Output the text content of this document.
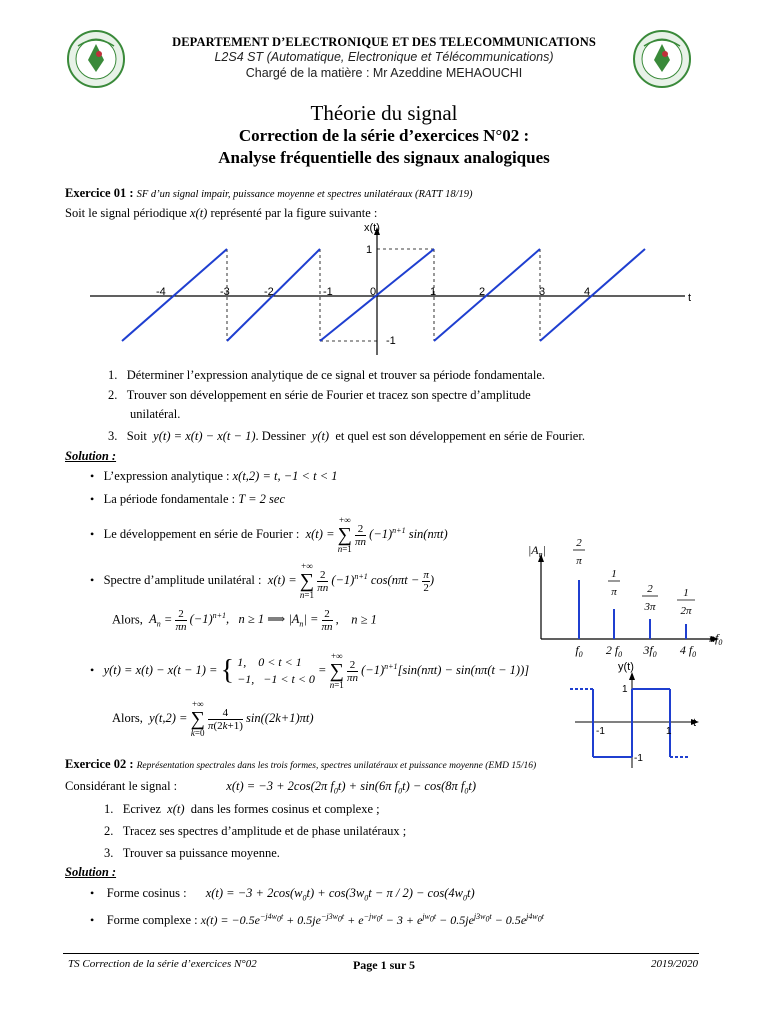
DEPARTEMENT D’ELECTRONIQUE ET DES TELECOMMUNICATIONS
L2S4 ST (Automatique, Electronique et Télécommunications)
Chargé de la matière : Mr Azeddine MEHAOUCHI
Théorie du signal
Correction de la série d’exercices N°02 :
Analyse fréquentielle des signaux analogiques
Exercice 01 : SF d’un signal impair, puissance moyenne et spectres unilatéraux (RATT 18/19)
Soit le signal périodique x(t) représenté par la figure suivante :
x(t)
t
-4	-3	-2	-1	0	1	2	3	4
1
-1
1.   Déterminer l’expression analytique de ce signal et trouver sa période fondamentale.
2.   Trouver son développement en série de Fourier et tracez son spectre d’amplitude
unilatéral.
3.   Soit y(t) = x(t) − x(t − 1). Dessiner y(t) et quel est son développement en série de Fourier.
Solution :
• L’expression analytique : x(t,2) = t, −1 < t < 1
• La période fondamentale : T = 2 sec
• Le développement en série de Fourier : x(t) = +∞
∑
n=1
$\frac{2}{\pi n} (-1)^{n+1}$ sin(nπt)
• Spectre d’amplitude unilatéral : x(t) = +∞
∑
n=1
$\frac{2}{\pi n} (-1)^{n+1}$ $\cos(n\pi t - \frac{\pi}{2}$ )
Alors, $A_n = \frac{2}{\pi n} (-1)^{n+1}$,   n ≥ 1 ⟹ $|A_n| = \frac{2}{\pi n}$ ,    n ≥ 1
$|A_n|$
$nf_0$
2
π
1
π	2
3π
1
2π
$f_0$ 2 $f_0$ $3f_0$ 4 $f_0$
• y(t) = x(t) − x(t − 1) = { 1,    0 < t < 1
−1,   −1 < t < 0
= +∞
∑
n=1
$\frac{2}{\pi n} (-1)^{n+1}[\sin(n\pi t) - \sin(n\pi(t - 1))]$
Alors, y(t,2) = +∞
∑
k=0
$\frac{4}{\pi(2k+1)} \sin((2k+1)\pi t)$
y(t)
t
-1	1
1
-1
Exercice 02 : Représentation spectrales dans les trois formes, spectres unilatéraux et puissance moyenne (EMD 15/16)
Considérant le signal :	x(t) = −3 + 2cos(2π $f_0t) + \sin(6\pi$ $f_0t) - \cos(8\pi$ $f_0t$)
1.   Ecrivez x(t) dans les formes cosinus et complexe ;
2.   Tracez ses spectres d’amplitude et de phase unilatéraux ;
3.   Trouver sa puissance moyenne.
Solution :
• Forme cosinus : $x(t) = -3 + 2\cos(w_0t) + \cos(3w_0t - \pi / 2) - \cos(4w_0t)$
• Forme complexe : $x(t) = -0.5e^{-j4w_0t} + 0.5je^{-j3w_0t} + e^{-jw_0t} - 3 + e^{jw_0t} - 0.5je^{j3w_0t} - 0.5e^{j4w_0t}$
TS Correction de la série d’exercices N°02	Page 1 sur 5	2019/2020
